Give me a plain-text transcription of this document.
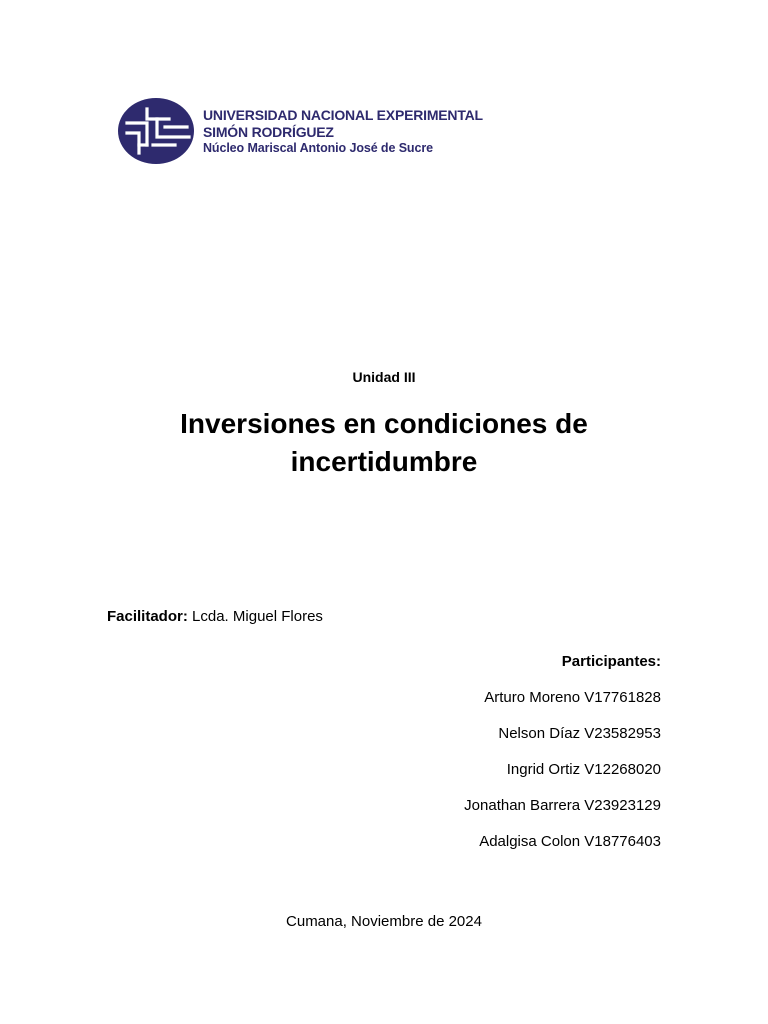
UNIVERSIDAD NACIONAL EXPERIMENTAL
SIMÓN RODRÍGUEZ
Núcleo Mariscal Antonio José de Sucre
Unidad III
Inversiones en condiciones de
incertidumbre
Facilitador: Lcda. Miguel Flores
Participantes:
Arturo Moreno V17761828
Nelson Díaz V23582953
Ingrid Ortiz V12268020
Jonathan Barrera V23923129
Adalgisa Colon V18776403
Cumana, Noviembre de 2024
